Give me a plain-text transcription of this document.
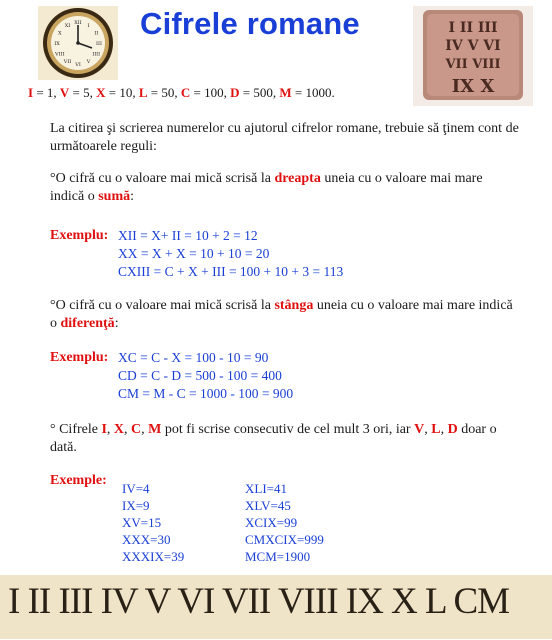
Cifrele romane
XII I
II
III
IIII
V
VI
VII
VIII
IX
X
XI	I II III
IV V VI
VII VIII
IX X
I = 1, V = 5, X = 10, L = 50, C = 100, D = 500, M = 1000.
La citirea şi scrierea numerelor cu ajutorul cifrelor romane, trebuie să ţinem cont de următoarele reguli:
°O cifră cu o valoare mai mică scrisă la dreapta uneia cu o valoare mai mare indică o sumă:
Exemplu: XII = X+ II = 10 + 2 = 12
XX = X + X = 10 + 10 = 20
CXIII = C + X + III = 100 + 10 + 3 = 113
°O cifră cu o valoare mai mică scrisă la stânga uneia cu o valoare mai mare indică o diferenţă:
Exemplu: XC = C - X = 100 - 10 = 90
CD = C - D = 500 - 100 = 400
CM = M - C = 1000 - 100 = 900
° Cifrele I, X, C, M pot fi scrise consecutiv de cel mult 3 ori, iar V, L, D doar o dată.
Exemple:
IV=4
IX=9
XV=15
XXX=30
XXXIX=39
XLI=41
XLV=45
XCIX=99
CMXCIX=999
MCM=1900
I II III IV V VI VII VIII IX X L CM
